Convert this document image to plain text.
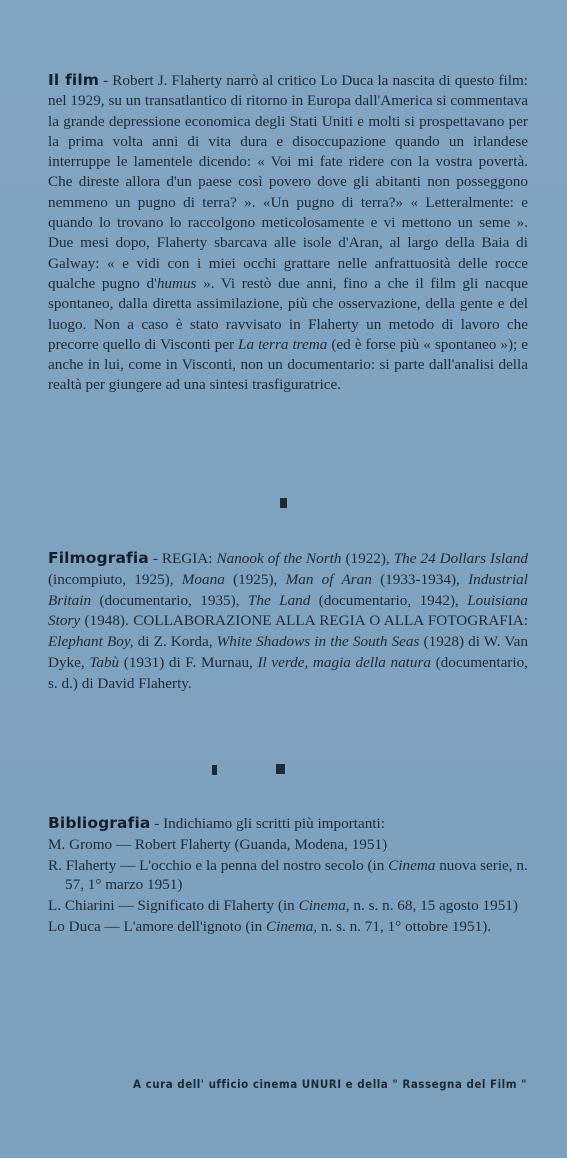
Il film - Robert J. Flaherty narrò al critico Lo Duca la nascita di questo film: nel 1929, su un transatlantico di ritorno in Europa dall'America si commentava la grande depressione economica degli Stati Uniti e molti si prospettavano per la prima volta anni di vita dura e disoccupazione quando un irlandese interruppe le lamentele dicendo: « Voi mi fate ridere con la vostra povertà. Che direste allora d'un paese così povero dove gli abitanti non posseggono nemmeno un pugno di terra? ». «Un pugno di terra?» « Letteralmente: e quando lo trovano lo raccolgono meticolosamente e vi mettono un seme ». Due mesi dopo, Flaherty sbarcava alle isole d'Aran, al largo della Baia di Galway: « e vidi con i miei occhi grattare nelle anfrattuosità delle rocce qualche pugno d'humus ». Vi restò due anni, fino a che il film gli nacque spontaneo, dalla diretta assimilazione, più che osservazione, della gente e del luogo. Non a caso è stato ravvisato in Flaherty un metodo di lavoro che precorre quello di Visconti per La terra trema (ed è forse più « spontaneo »); e anche in lui, come in Visconti, non un documentario: si parte dall'analisi della realtà per giungere ad una sintesi trasfiguratrice.
Filmografia - REGIA: Nanook of the North (1922), The 24 Dollars Island (incompiuto, 1925), Moana (1925), Man of Aran (1933-1934), Industrial Britain (documentario, 1935), The Land (documentario, 1942), Louisiana Story (1948). COLLABORAZIONE ALLA REGIA O ALLA FOTOGRAFIA: Elephant Boy, di Z. Korda, White Shadows in the South Seas (1928) di W. Van Dyke, Tabù (1931) di F. Murnau, Il verde, magia della natura (documentario, s. d.) di David Flaherty.
Bibliografia - Indichiamo gli scritti più importanti:
M. Gromo — Robert Flaherty (Guanda, Modena, 1951)
R. Flaherty — L'occhio e la penna del nostro secolo (in Cinema nuova serie, n. 57, 1° marzo 1951)
L. Chiarini — Significato di Flaherty (in Cinema, n. s. n. 68, 15 agosto 1951)
Lo Duca — L'amore dell'ignoto (in Cinema, n. s. n. 71, 1° ottobre 1951).
A cura dell' ufficio cinema UNURI e della " Rassegna del Film "
